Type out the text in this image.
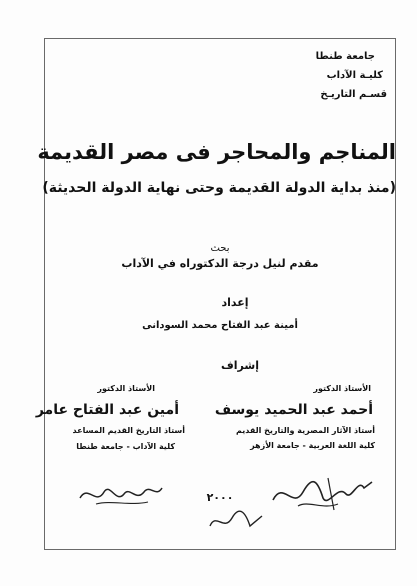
جامعة طنطا
كليـة الآداب
قسـم التاريـخ
المناجم والمحاجر فى مصر القديمة
(منذ بداية الدولة القديمة وحتى نهاية الدولة الحديثة)
بحث
مقدم لنيل درجة الدكتوراه في الآداب
إعداد
أمينة عبد الفتاح محمد السودانى
إشراف
الأستاذ الدكتور
أحمد عبد الحميد يوسف
أستاذ الآثار المصرية والتاريخ القديم
كلية اللغة العربية - جامعة الأزهر
الأستاذ الدكتور
أمين عبد الفتاح عامر
أستاذ التاريخ القديم المساعد
كلية الآداب - جامعة طنطا
٢٠٠٠
